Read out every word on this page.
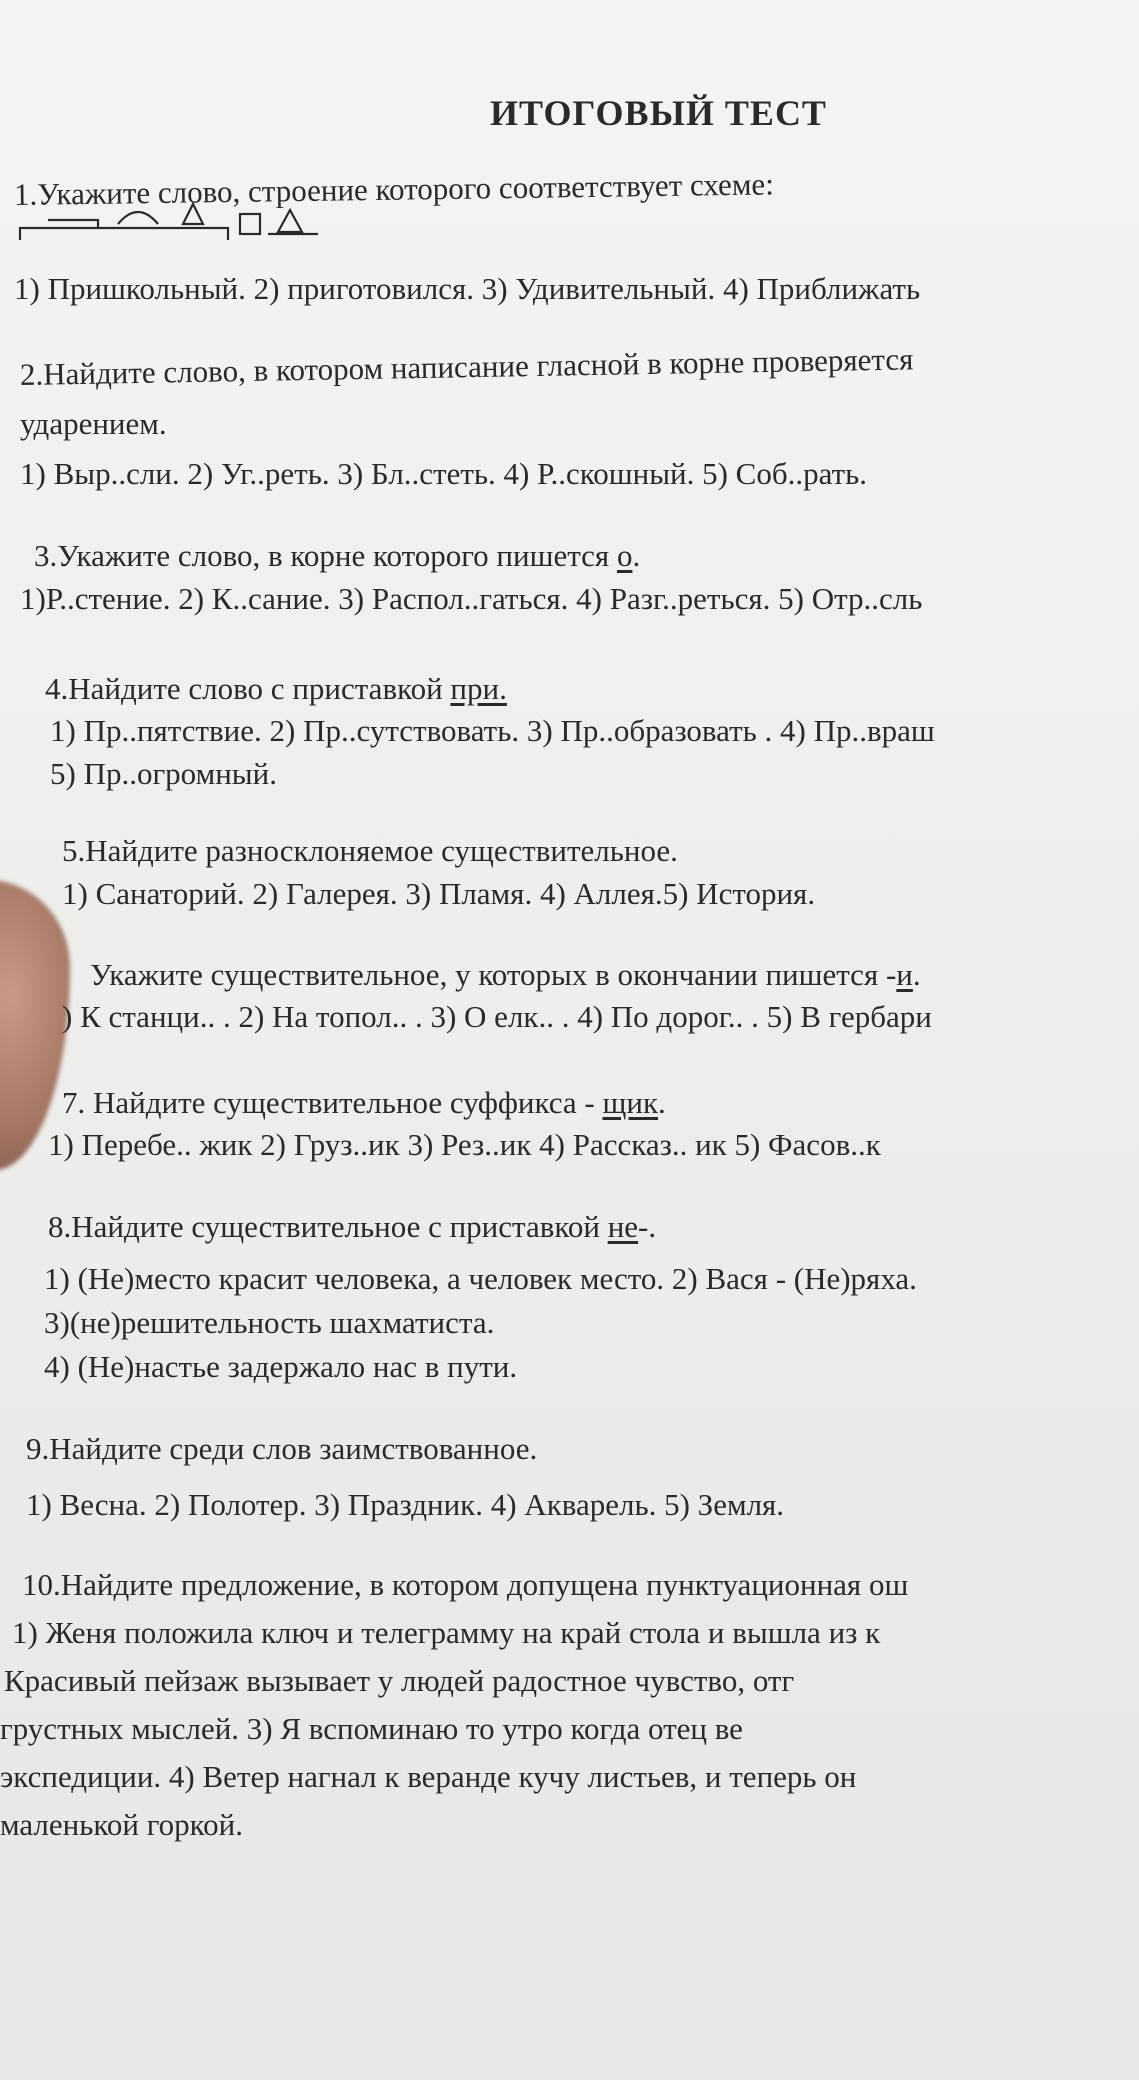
ИТОГОВЫЙ ТЕСТ
1.Укажите слово, строение которого соответствует схеме:
1) Пришкольный. 2) приготовился. 3) Удивительный. 4) Приближать
2.Найдите слово, в котором написание гласной в корне проверяется
ударением.
1) Выр..сли. 2) Уг..реть. 3) Бл..стеть. 4) Р..скошный. 5) Соб..рать.
3.Укажите слово, в корне которого пишется о.
1)Р..стение. 2) К..сание. 3) Распол..гаться. 4) Разг..реться. 5) Отр..сль
4.Найдите слово с приставкой при.
1) Пр..пятствие. 2) Пр..сутствовать. 3) Пр..образовать . 4) Пр..враш
5) Пр..огромный.
5.Найдите разносклоняемое существительное.
1) Санаторий. 2) Галерея. 3) Пламя. 4) Аллея.5) История.
Укажите существительное, у которых в окончании пишется -и.
) К станци.. . 2) На топол.. . 3) О елк.. . 4) По дорог.. . 5) В гербари
7. Найдите существительное суффикса - щик.
1) Перебе.. жик 2) Груз..ик 3) Рез..ик 4) Рассказ.. ик 5) Фасов..к
8.Найдите существительное с приставкой не-.
1) (Не)место красит человека, а человек место. 2) Вася - (Не)ряха.
3)(не)решительность шахматиста.
4) (Не)настье задержало нас в пути.
9.Найдите среди слов заимствованное.
1) Весна. 2) Полотер. 3) Праздник. 4) Акварель. 5) Земля.
10.Найдите предложение, в котором допущена пунктуационная ош
1) Женя положила ключ и телеграмму на край стола и вышла из к
Красивый пейзаж вызывает у людей радостное чувство, отг
грустных мыслей. 3) Я вспоминаю то утро когда отец ве
экспедиции. 4) Ветер нагнал к веранде кучу листьев, и теперь он
маленькой горкой.
